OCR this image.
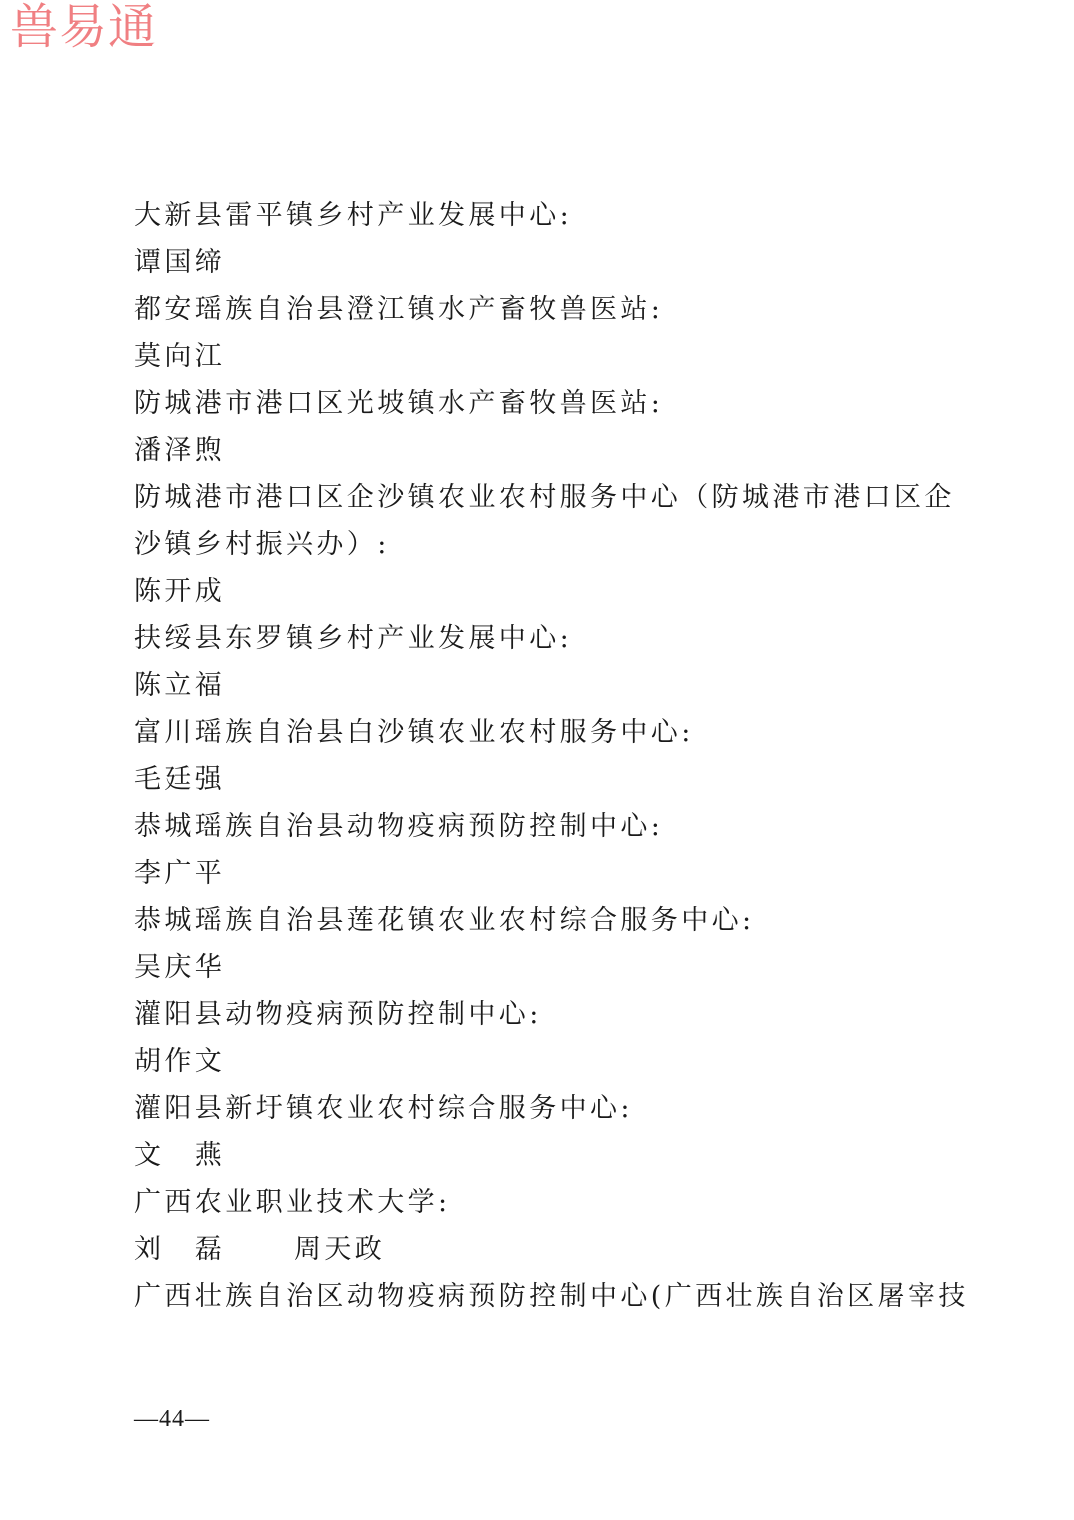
兽易通
大新县雷平镇乡村产业发展中心:
谭国缔
都安瑶族自治县澄江镇水产畜牧兽医站:
莫向江
防城港市港口区光坡镇水产畜牧兽医站:
潘泽煦
防城港市港口区企沙镇农业农村服务中心（防城港市港口区企
沙镇乡村振兴办）:
陈开成
扶绥县东罗镇乡村产业发展中心:
陈立福
富川瑶族自治县白沙镇农业农村服务中心:
毛廷强
恭城瑶族自治县动物疫病预防控制中心:
李广平
恭城瑶族自治县莲花镇农业农村综合服务中心:
吴庆华
灌阳县动物疫病预防控制中心:
胡作文
灌阳县新圩镇农业农村综合服务中心:
文　燕
广西农业职业技术大学:
刘　磊	周天政
广西壮族自治区动物疫病预防控制中心(广西壮族自治区屠宰技
—44—
